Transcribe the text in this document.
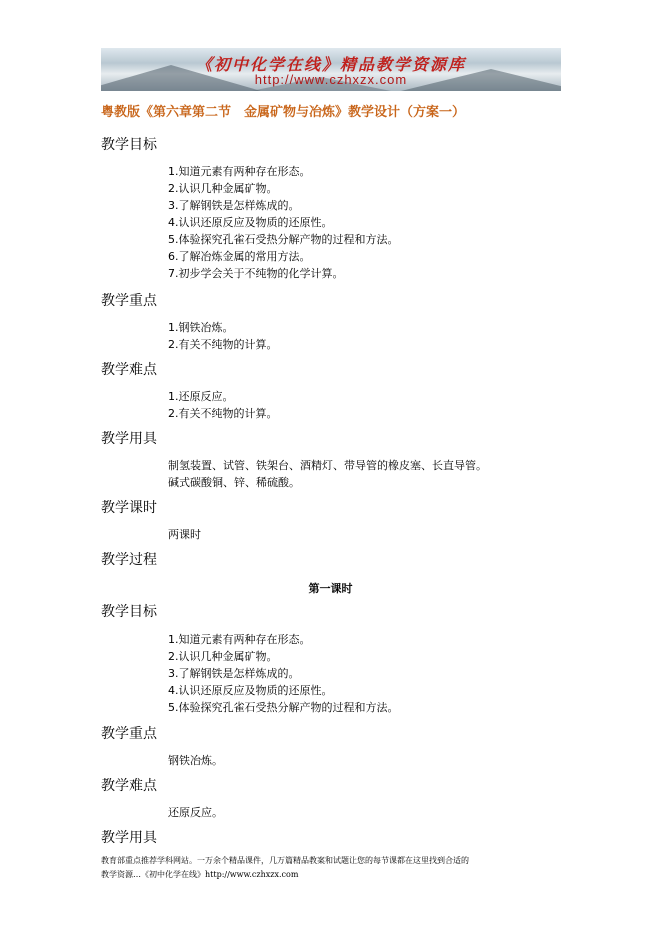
《初中化学在线》精品教学资源库
http://www.czhxzx.com
粤教版《第六章第二节　金属矿物与冶炼》教学设计（方案一）
教学目标
1.知道元素有两种存在形态。
2.认识几种金属矿物。
3.了解钢铁是怎样炼成的。
4.认识还原反应及物质的还原性。
5.体验探究孔雀石受热分解产物的过程和方法。
6.了解冶炼金属的常用方法。
7.初步学会关于不纯物的化学计算。
教学重点
1.钢铁冶炼。
2.有关不纯物的计算。
教学难点
1.还原反应。
2.有关不纯物的计算。
教学用具
制氢装置、试管、铁架台、酒精灯、带导管的橡皮塞、长直导管。
碱式碳酸铜、锌、稀硫酸。
教学课时
两课时
教学过程
第一课时
教学目标
1.知道元素有两种存在形态。
2.认识几种金属矿物。
3.了解钢铁是怎样炼成的。
4.认识还原反应及物质的还原性。
5.体验探究孔雀石受热分解产物的过程和方法。
教学重点
钢铁冶炼。
教学难点
还原反应。
教学用具
教育部重点推荐学科网站。一万余个精品课件，几万篇精品教案和试题让您的每节课都在这里找到合适的
教学资源…《初中化学在线》http://www.czhxzx.com
